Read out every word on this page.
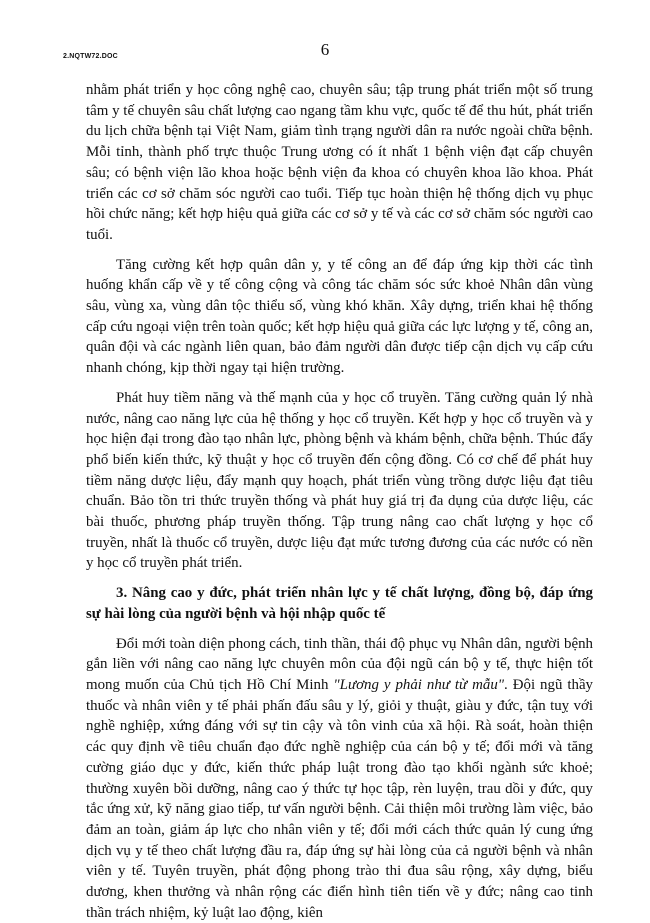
2.NQTW72.DOC	6

nhằm phát triển y học công nghệ cao, chuyên sâu; tập trung phát triển một số trung tâm y tế chuyên sâu chất lượng cao ngang tầm khu vực, quốc tế để thu hút, phát triển du lịch chữa bệnh tại Việt Nam, giảm tình trạng người dân ra nước ngoài chữa bệnh. Mỗi tỉnh, thành phố trực thuộc Trung ương có ít nhất 1 bệnh viện đạt cấp chuyên sâu; có bệnh viện lão khoa hoặc bệnh viện đa khoa có chuyên khoa lão khoa. Phát triển các cơ sở chăm sóc người cao tuổi. Tiếp tục hoàn thiện hệ thống dịch vụ phục hồi chức năng; kết hợp hiệu quả giữa các cơ sở y tế và các cơ sở chăm sóc người cao tuổi.

Tăng cường kết hợp quân dân y, y tế công an để đáp ứng kịp thời các tình huống khẩn cấp về y tế công cộng và công tác chăm sóc sức khoẻ Nhân dân vùng sâu, vùng xa, vùng dân tộc thiểu số, vùng khó khăn. Xây dựng, triển khai hệ thống cấp cứu ngoại viện trên toàn quốc; kết hợp hiệu quả giữa các lực lượng y tế, công an, quân đội và các ngành liên quan, bảo đảm người dân được tiếp cận dịch vụ cấp cứu nhanh chóng, kịp thời ngay tại hiện trường.

Phát huy tiềm năng và thế mạnh của y học cổ truyền. Tăng cường quản lý nhà nước, nâng cao năng lực của hệ thống y học cổ truyền. Kết hợp y học cổ truyền và y học hiện đại trong đào tạo nhân lực, phòng bệnh và khám bệnh, chữa bệnh. Thúc đẩy phổ biến kiến thức, kỹ thuật y học cổ truyền đến cộng đồng. Có cơ chế để phát huy tiềm năng dược liệu, đẩy mạnh quy hoạch, phát triển vùng trồng dược liệu đạt tiêu chuẩn. Bảo tồn tri thức truyền thống và phát huy giá trị đa dụng của dược liệu, các bài thuốc, phương pháp truyền thống. Tập trung nâng cao chất lượng y học cổ truyền, nhất là thuốc cổ truyền, dược liệu đạt mức tương đương của các nước có nền y học cổ truyền phát triển.

3. Nâng cao y đức, phát triển nhân lực y tế chất lượng, đồng bộ, đáp ứng sự hài lòng của người bệnh và hội nhập quốc tế

Đổi mới toàn diện phong cách, tinh thần, thái độ phục vụ Nhân dân, người bệnh gắn liền với nâng cao năng lực chuyên môn của đội ngũ cán bộ y tế, thực hiện tốt mong muốn của Chủ tịch Hồ Chí Minh "Lương y phải như từ mẫu". Đội ngũ thầy thuốc và nhân viên y tế phải phấn đấu sâu y lý, giỏi y thuật, giàu y đức, tận tuỵ với nghề nghiệp, xứng đáng với sự tin cậy và tôn vinh của xã hội. Rà soát, hoàn thiện các quy định về tiêu chuẩn đạo đức nghề nghiệp của cán bộ y tế; đổi mới và tăng cường giáo dục y đức, kiến thức pháp luật trong đào tạo khối ngành sức khoẻ; thường xuyên bồi dưỡng, nâng cao ý thức tự học tập, rèn luyện, trau dồi y đức, quy tắc ứng xử, kỹ năng giao tiếp, tư vấn người bệnh. Cải thiện môi trường làm việc, bảo đảm an toàn, giảm áp lực cho nhân viên y tế; đổi mới cách thức quản lý cung ứng dịch vụ y tế theo chất lượng đầu ra, đáp ứng sự hài lòng của cả người bệnh và nhân viên y tế. Tuyên truyền, phát động phong trào thi đua sâu rộng, xây dựng, biểu dương, khen thưởng và nhân rộng các điển hình tiên tiến về y đức; nâng cao tinh thần trách nhiệm, kỷ luật lao động, kiên
